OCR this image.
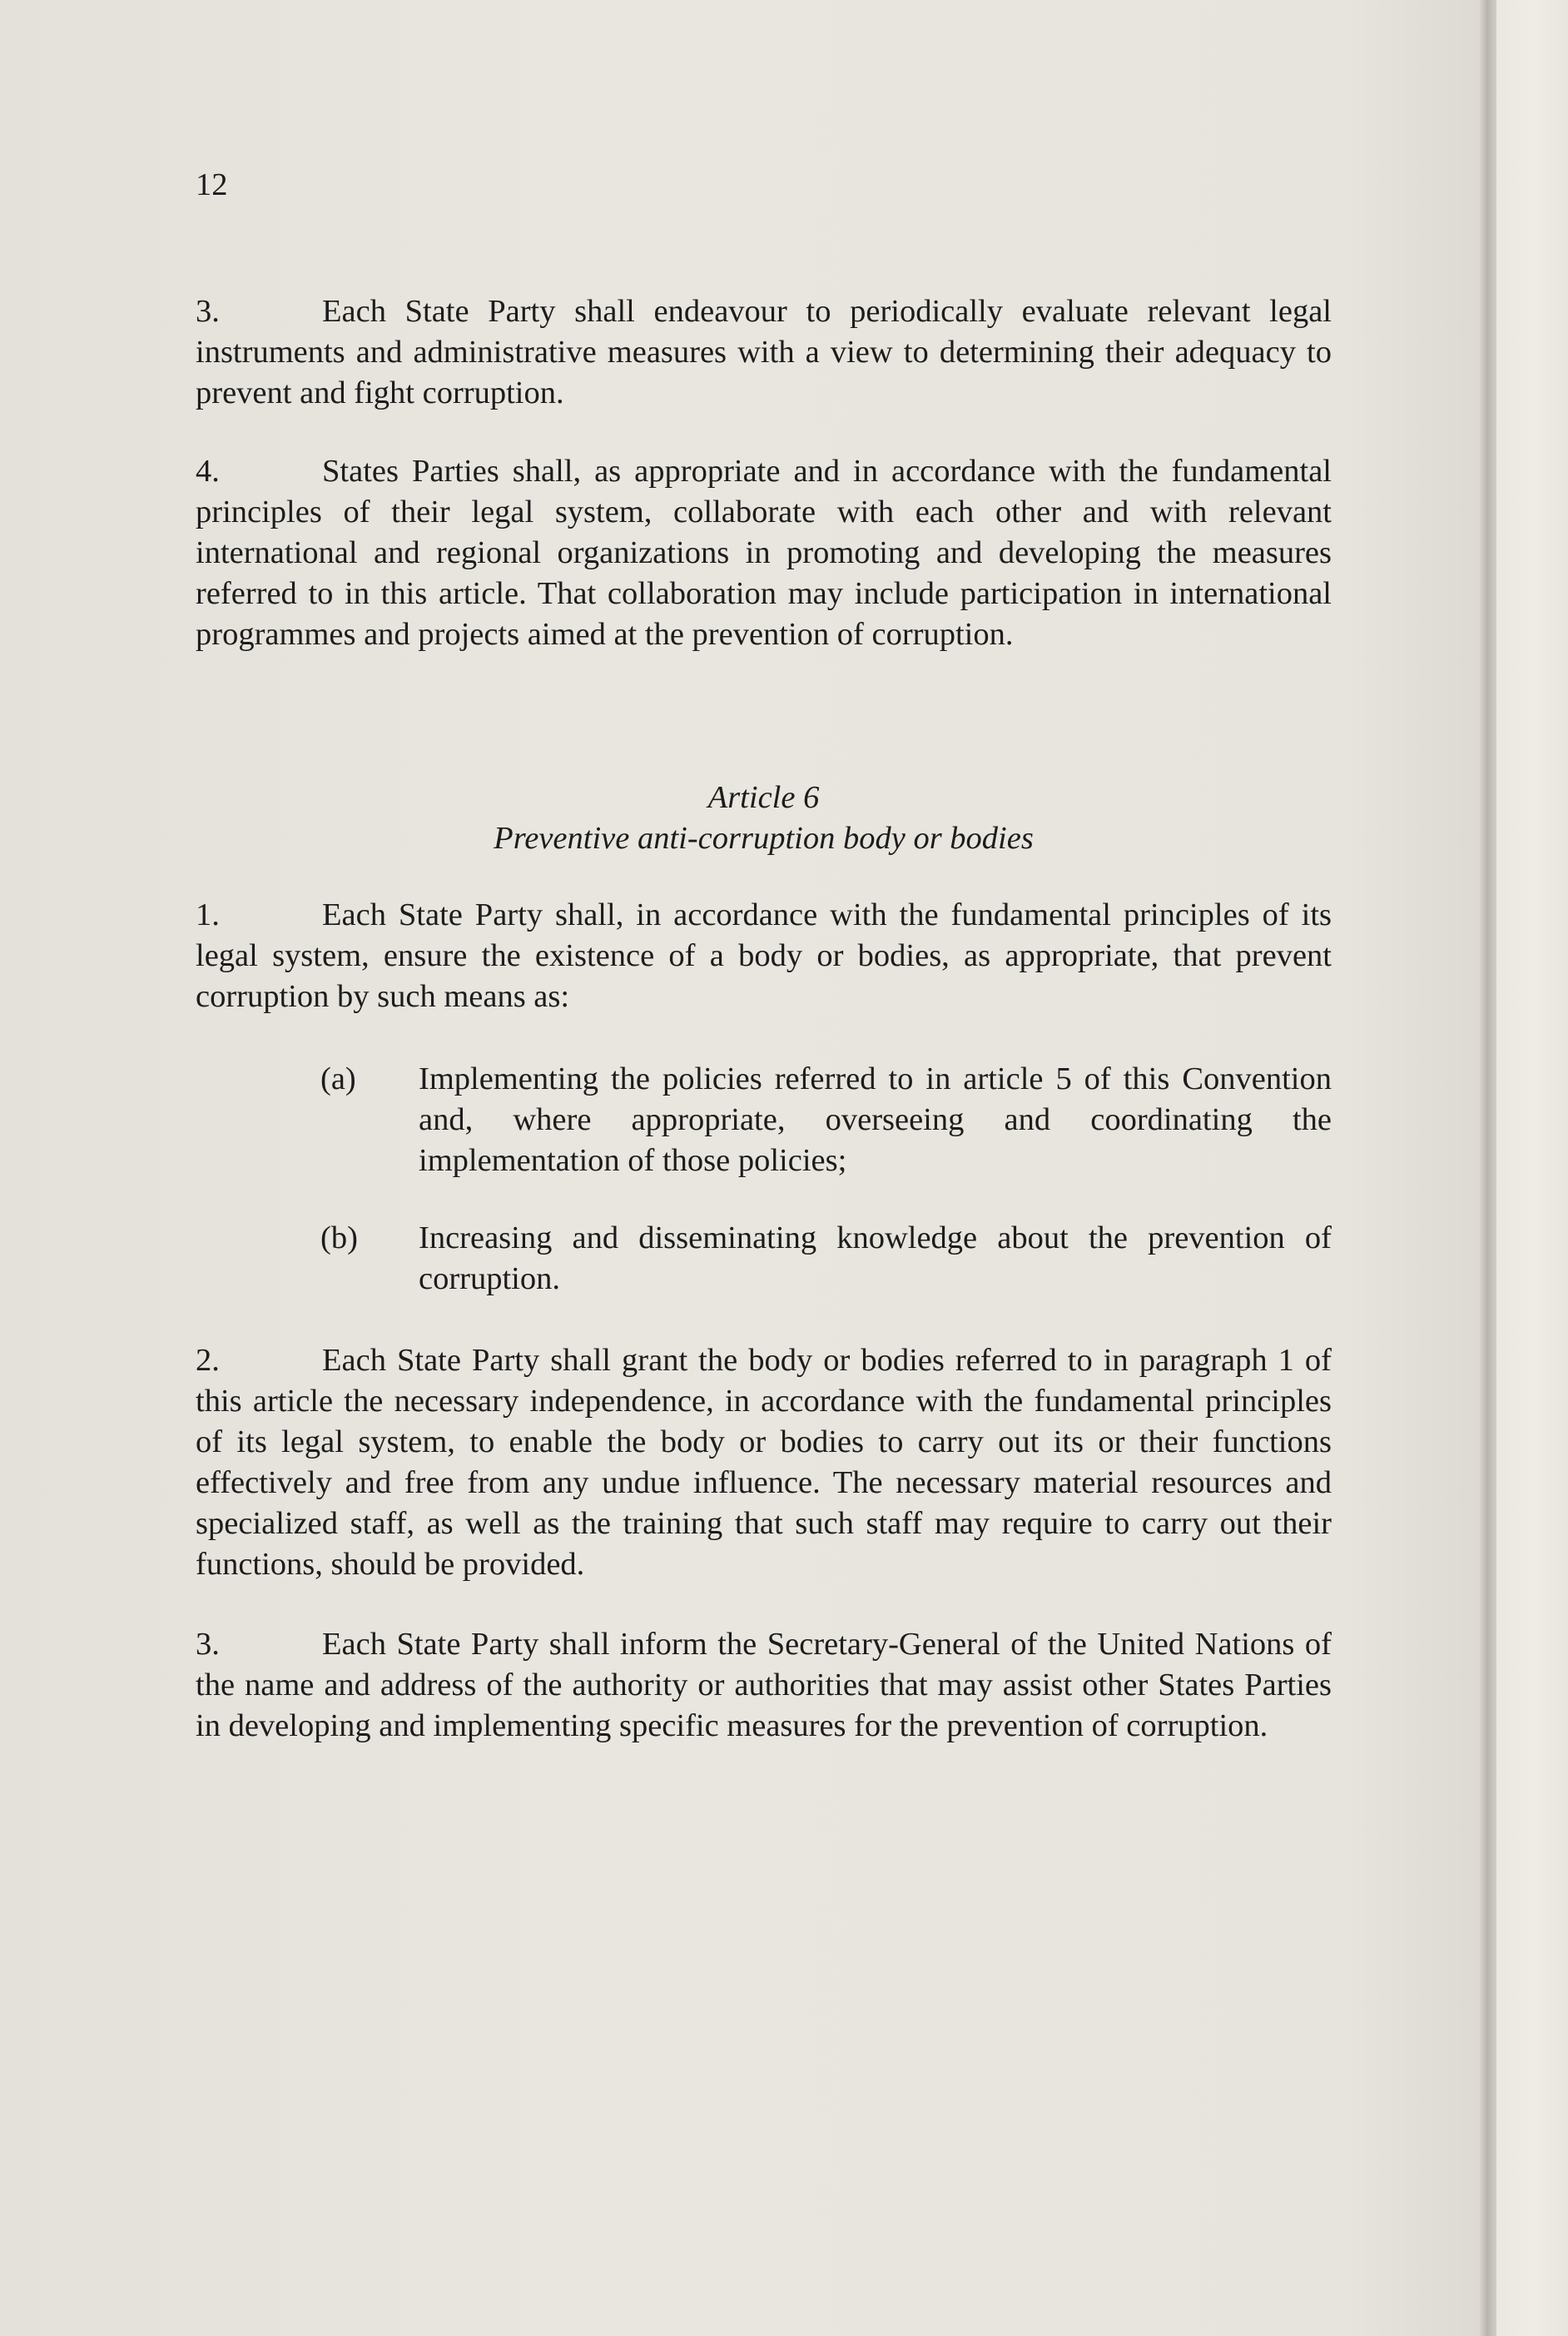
12

3.	Each State Party shall endeavour to periodically evaluate relevant legal instruments and administrative measures with a view to determining their adequacy to prevent and fight corruption.

4.	States Parties shall, as appropriate and in accordance with the fundamental principles of their legal system, collaborate with each other and with relevant international and regional organizations in promoting and developing the measures referred to in this article. That collaboration may include participation in international programmes and projects aimed at the prevention of corruption.

Article 6

Preventive anti-corruption body or bodies

1.	Each State Party shall, in accordance with the fundamental principles of its legal system, ensure the existence of a body or bodies, as appropriate, that prevent corruption by such means as:

(a)	Implementing the policies referred to in article 5 of this Convention and, where appropriate, overseeing and coordinating the implementation of those policies;
(b)	Increasing and disseminating knowledge about the prevention of corruption.

2.	Each State Party shall grant the body or bodies referred to in paragraph 1 of this article the necessary independence, in accordance with the fundamental principles of its legal system, to enable the body or bodies to carry out its or their functions effectively and free from any undue influence. The necessary material resources and specialized staff, as well as the training that such staff may require to carry out their functions, should be provided.

3.	Each State Party shall inform the Secretary-General of the United Nations of the name and address of the authority or authorities that may assist other States Parties in developing and implementing specific measures for the prevention of corruption.
